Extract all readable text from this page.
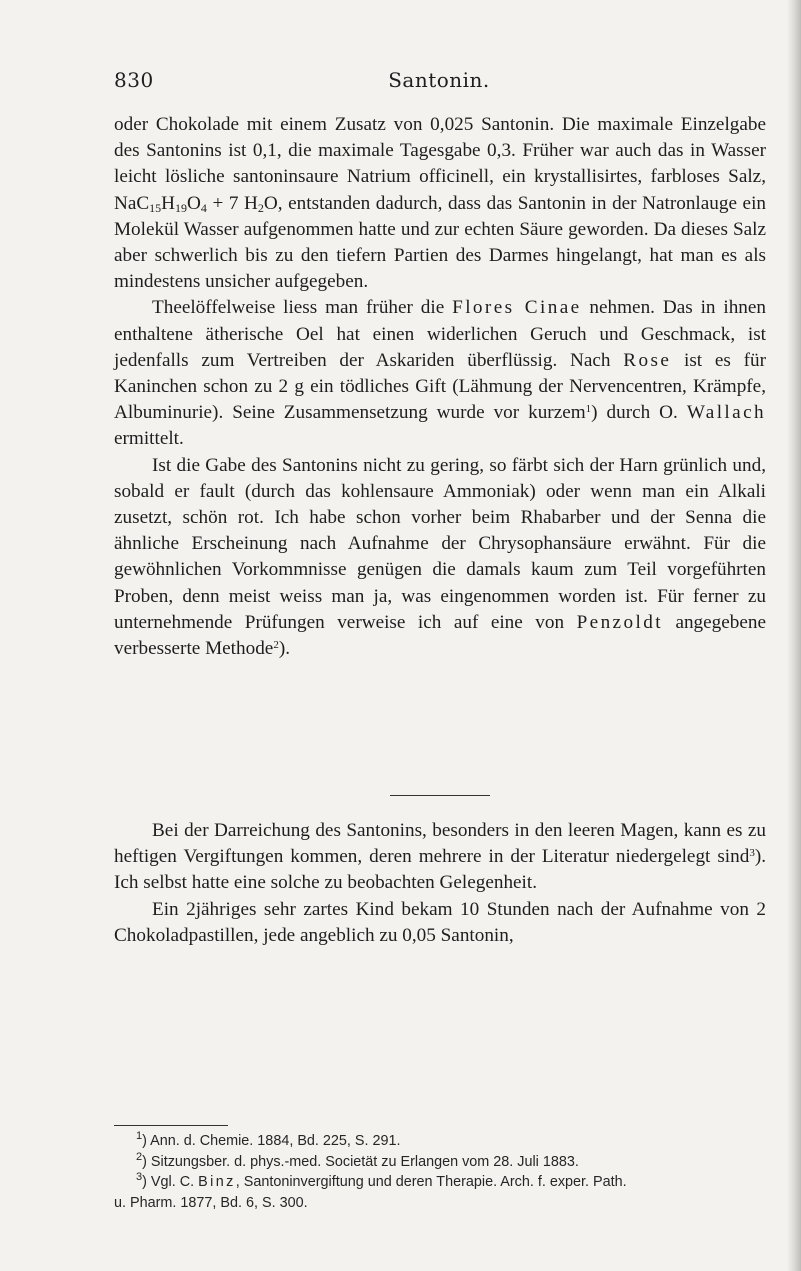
830	Santonin.

oder Chokolade mit einem Zusatz von 0,025 Santonin. Die maximale Einzelgabe des Santonins ist 0,1, die maximale Tagesgabe 0,3. Früher war auch das in Wasser leicht lösliche santoninsaure Natrium officinell, ein krystallisirtes, farbloses Salz, $NaC_{15}H_{19}O_4 + 7$ $H_2O$, entstanden dadurch, dass das Santonin in der Natronlauge ein Molekül Wasser aufgenommen hatte und zur echten Säure geworden. Da dieses Salz aber schwerlich bis zu den tiefern Partien des Darmes hingelangt, hat man es als mindestens unsicher aufgegeben.

Theelöffelweise liess man früher die Flores Cinae nehmen. Das in ihnen enthaltene ätherische Oel hat einen widerlichen Geruch und Geschmack, ist jedenfalls zum Vertreiben der Askariden überflüssig. Nach Rose ist es für Kaninchen schon zu 2 g ein tödliches Gift (Lähmung der Nervencentren, Krämpfe, Albuminurie). Seine Zusammensetzung wurde vor kurzem$^1$) durch O. Wallach ermittelt.

Ist die Gabe des Santonins nicht zu gering, so färbt sich der Harn grünlich und, sobald er fault (durch das kohlensaure Ammoniak) oder wenn man ein Alkali zusetzt, schön rot. Ich habe schon vorher beim Rhabarber und der Senna die ähnliche Erscheinung nach Aufnahme der Chrysophansäure erwähnt. Für die gewöhnlichen Vorkommnisse genügen die damals kaum zum Teil vorgeführten Proben, denn meist weiss man ja, was eingenommen worden ist. Für ferner zu unternehmende Prüfungen verweise ich auf eine von Penzoldt angegebene verbesserte Methode$^2$).

Bei der Darreichung des Santonins, besonders in den leeren Magen, kann es zu heftigen Vergiftungen kommen, deren mehrere in der Literatur niedergelegt sind$^3$). Ich selbst hatte eine solche zu beobachten Gelegenheit.

Ein 2jähriges sehr zartes Kind bekam 10 Stunden nach der Aufnahme von 2 Chokoladpastillen, jede angeblich zu 0,05 Santonin,

$^1$) Ann. d. Chemie. 1884, Bd. 225, S. 291.

$^2$) Sitzungsber. d. phys.-med. Societät zu Erlangen vom 28. Juli 1883.

$^3$) Vgl. C. Binz, Santoninvergiftung und deren Therapie. Arch. f. exper. Path.

u. Pharm. 1877, Bd. 6, S. 300.
